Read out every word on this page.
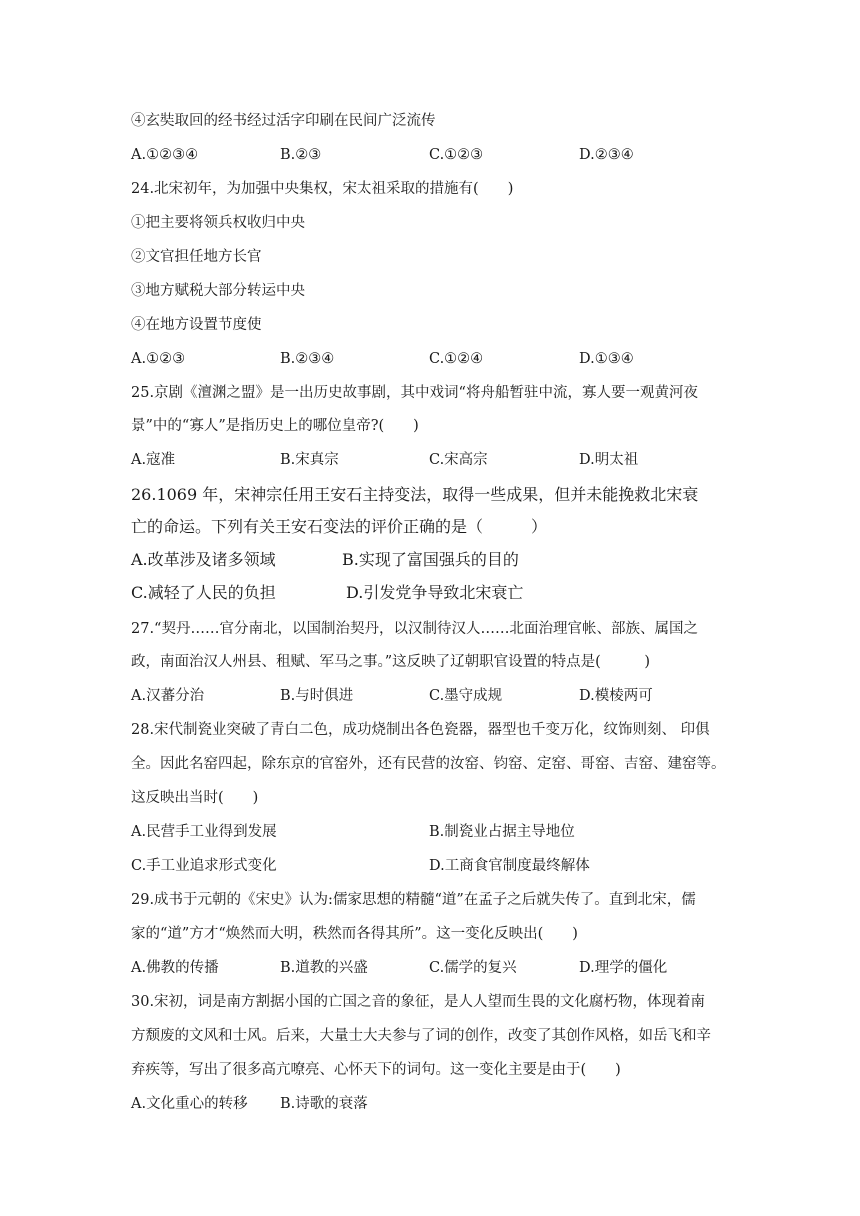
④玄奘取回的经书经过活字印刷在民间广泛流传
A.①②③④	B.②③	C.①②③	D.②③④
24.北宋初年，为加强中央集权，宋太祖采取的措施有(　　)
①把主要将领兵权收归中央
②文官担任地方长官
③地方赋税大部分转运中央
④在地方设置节度使
A.①②③	B.②③④	C.①②④	D.①③④
25.京剧《澶渊之盟》是一出历史故事剧，其中戏词“将舟船暂驻中流，寡人要一观黄河夜
景”中的“寡人”是指历史上的哪位皇帝?(　　)
A.寇准	B.宋真宗	C.宋高宗	D.明太祖
26.1069 年，宋神宗任用王安石主持变法，取得一些成果，但并未能挽救北宋衰
亡的命运。下列有关王安石变法的评价正确的是（　　　）
A.改革涉及诸多领域	B.实现了富国强兵的目的
C.减轻了人民的负担	D.引发党争导致北宋衰亡
27.“契丹……官分南北，以国制治契丹，以汉制待汉人……北面治理官帐、部族、属国之
政，南面治汉人州县、租赋、军马之事。”这反映了辽朝职官设置的特点是(　　　)
A.汉蕃分治	B.与时俱进	C.墨守成规	D.模棱两可
28.宋代制瓷业突破了青白二色，成功烧制出各色瓷器，器型也千变万化，纹饰则刻、 印俱
全。因此名窑四起，除东京的官窑外，还有民营的汝窑、钧窑、定窑、哥窑、吉窑、建窑等。
这反映出当时(　　)
A.民营手工业得到发展	B.制瓷业占据主导地位
C.手工业追求形式变化	D.工商食官制度最终解体
29.成书于元朝的《宋史》认为:儒家思想的精髓“道”在孟子之后就失传了。直到北宋，儒
家的“道”方才“焕然而大明，秩然而各得其所”。这一变化反映出(　　)
A.佛教的传播	B.道教的兴盛	C.儒学的复兴	D.理学的僵化
30.宋初，词是南方割据小国的亡国之音的象征，是人人望而生畏的文化腐朽物，体现着南
方颓废的文风和士风。后来，大量士大夫参与了词的创作，改变了其创作风格，如岳飞和辛
弃疾等，写出了很多高亢嘹亮、心怀天下的词句。这一变化主要是由于(　　)
A.文化重心的转移 B.诗歌的衰落
